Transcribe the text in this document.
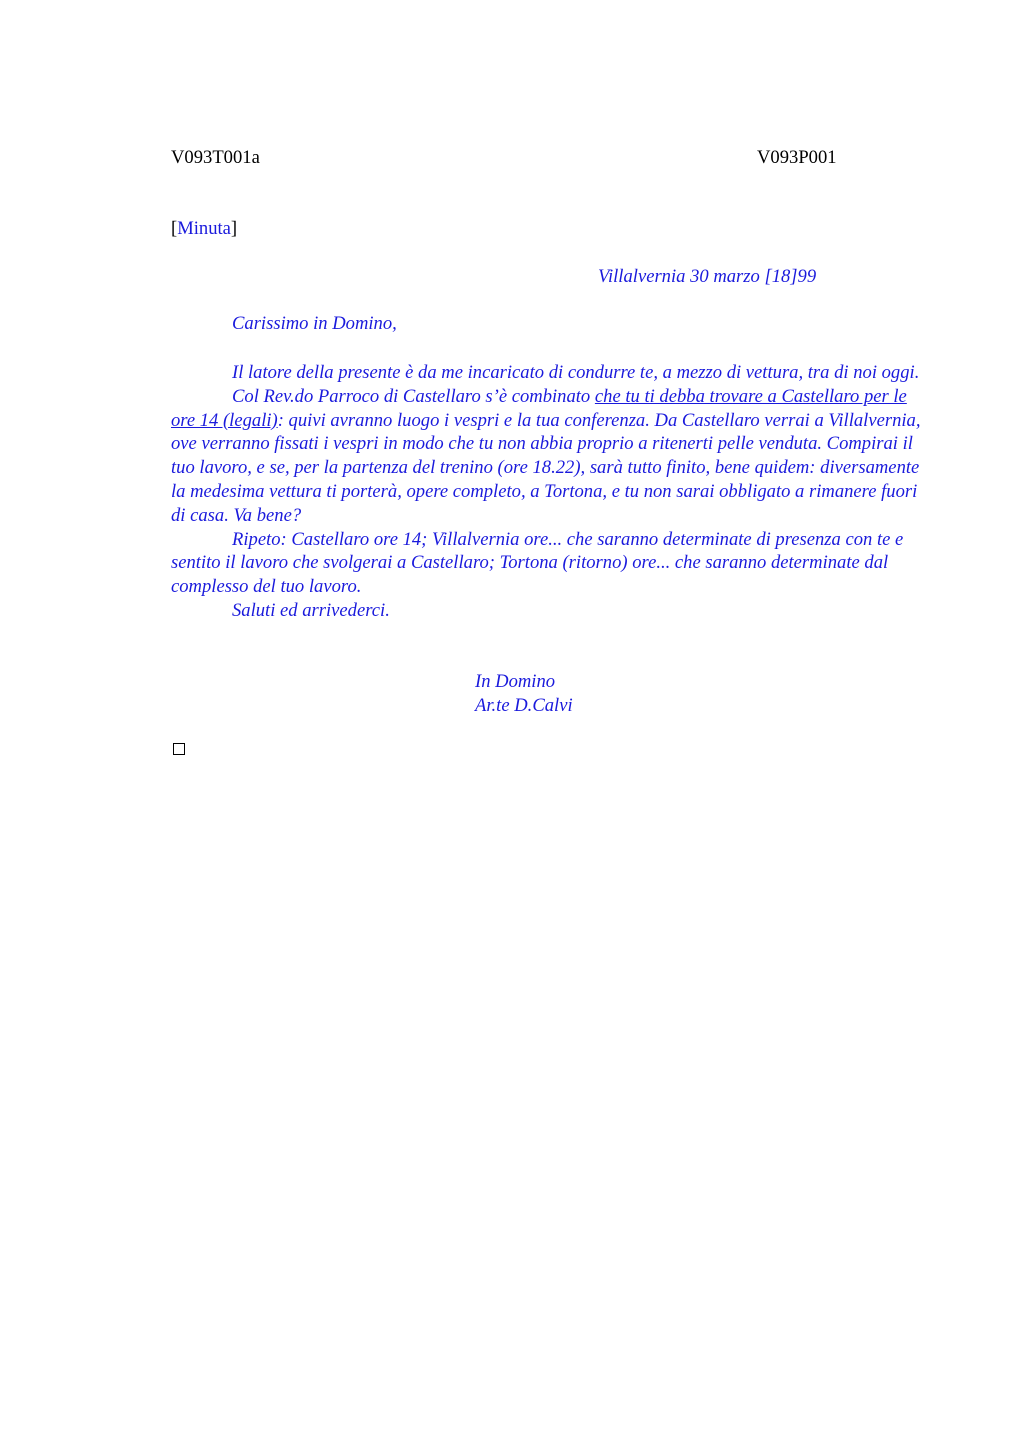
V093T001a	V093P001
[Minuta]
Villalvernia 30 marzo [18]99
Carissimo in Domino,

Il latore della presente è da me incaricato di condurre te, a mezzo di vettura, tra di noi oggi.

Col Rev.do Parroco di Castellaro s’è combinato che tu ti debba trovare a Castellaro per le ore 14 (legali): quivi avranno luogo i vespri e la tua conferenza. Da Castellaro verrai a Villalvernia, ove verranno fissati i vespri in modo che tu non abbia proprio a ritenerti pelle venduta. Compirai il tuo lavoro, e se, per la partenza del trenino (ore 18.22), sarà tutto finito, bene quidem: diversamente la medesima vettura ti porterà, opere completo, a Tortona, e tu non sarai obbligato a rimanere fuori di casa. Va bene?

Ripeto: Castellaro ore 14; Villalvernia ore... che saranno determinate di presenza con te e sentito il lavoro che svolgerai a Castellaro; Tortona (ritorno) ore... che saranno determinate dal complesso del tuo lavoro.

Saluti ed arrivederci.

In Domino
Ar.te D.Calvi
